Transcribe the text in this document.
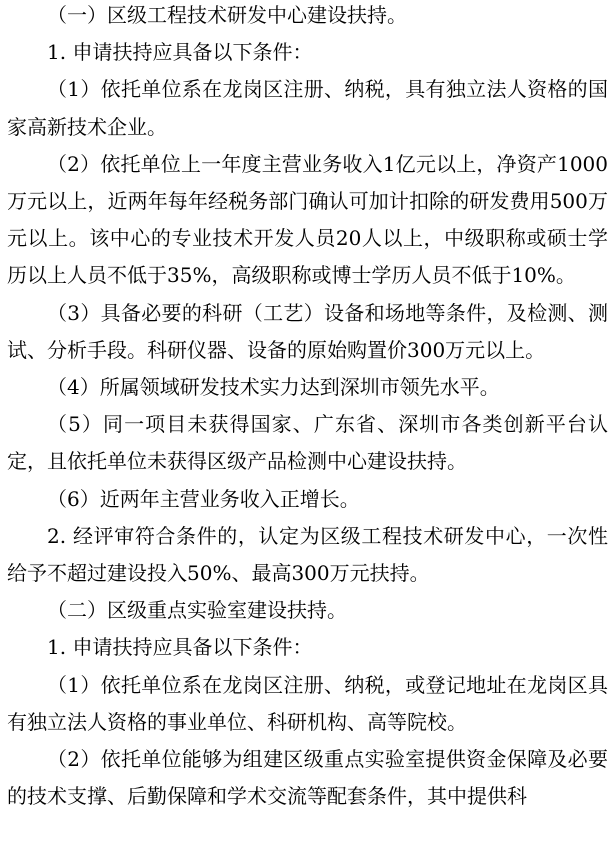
（一）区级工程技术研发中心建设扶持。

1. 申请扶持应具备以下条件：

（1）依托单位系在龙岗区注册、纳税，具有独立法人资格的国家高新技术企业。

（2）依托单位上一年度主营业务收入1亿元以上，净资产1000万元以上，近两年每年经税务部门确认可加计扣除的研发费用500万元以上。该中心的专业技术开发人员20人以上，中级职称或硕士学历以上人员不低于35%，高级职称或博士学历人员不低于10%。

（3）具备必要的科研（工艺）设备和场地等条件，及检测、测试、分析手段。科研仪器、设备的原始购置价300万元以上。

（4）所属领域研发技术实力达到深圳市领先水平。

（5）同一项目未获得国家、广东省、深圳市各类创新平台认定，且依托单位未获得区级产品检测中心建设扶持。

（6）近两年主营业务收入正增长。

2. 经评审符合条件的，认定为区级工程技术研发中心，一次性给予不超过建设投入50%、最高300万元扶持。

（二）区级重点实验室建设扶持。

1. 申请扶持应具备以下条件：

（1）依托单位系在龙岗区注册、纳税，或登记地址在龙岗区具有独立法人资格的事业单位、科研机构、高等院校。

（2）依托单位能够为组建区级重点实验室提供资金保障及必要的技术支撑、后勤保障和学术交流等配套条件，其中提供科
